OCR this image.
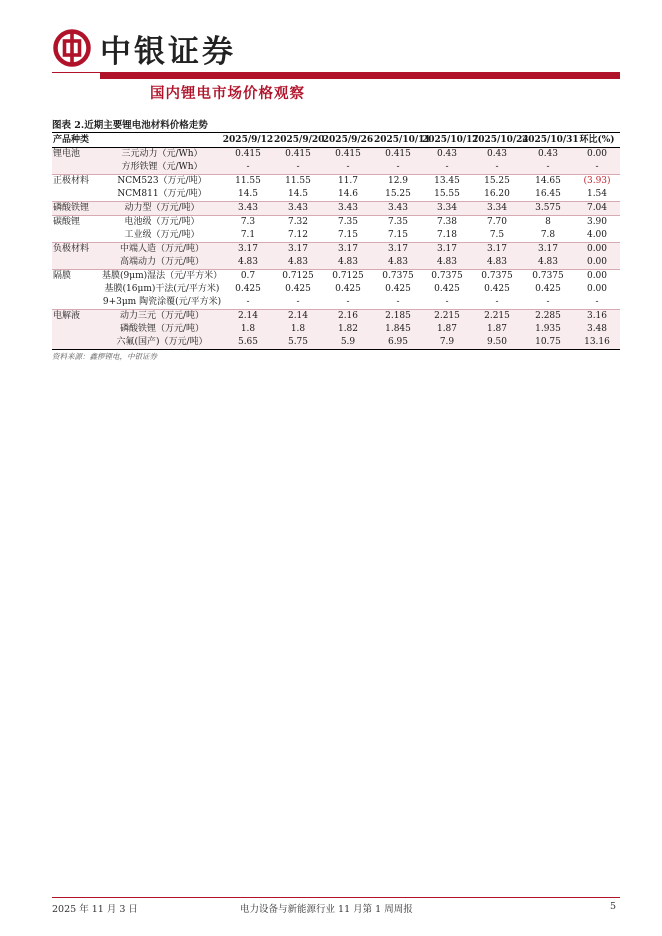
中银证券
国内锂电市场价格观察
图表 2.近期主要锂电池材料价格走势
产品种类		2025/9/12	2025/9/20	2025/9/26	2025/10/11	2025/10/17	2025/10/24	2025/10/31	环比(%)
锂电池	三元动力（元/Wh）	0.415	0.415	0.415	0.415	0.43	0.43	0.43	0.00
	方形铁锂（元/Wh）	-	-	-	-	-	-	-	-
正极材料	NCM523（万元/吨）	11.55	11.55	11.7	12.9	13.45	15.25	14.65	(3.93)
	NCM811（万元/吨）	14.5	14.5	14.6	15.25	15.55	16.20	16.45	1.54
磷酸铁锂	动力型（万元/吨）	3.43	3.43	3.43	3.43	3.34	3.34	3.575	7.04
碳酸锂	电池级（万元/吨）	7.3	7.32	7.35	7.35	7.38	7.70	8	3.90
	工业级（万元/吨）	7.1	7.12	7.15	7.15	7.18	7.5	7.8	4.00
负极材料	中端人造（万元/吨）	3.17	3.17	3.17	3.17	3.17	3.17	3.17	0.00
	高端动力（万元/吨）	4.83	4.83	4.83	4.83	4.83	4.83	4.83	0.00
隔膜	基膜(9μm)湿法（元/平方米）	0.7	0.7125	0.7125	0.7375	0.7375	0.7375	0.7375	0.00
	基膜(16μm)干法(元/平方米)	0.425	0.425	0.425	0.425	0.425	0.425	0.425	0.00
	9+3μm 陶瓷涂覆(元/平方米)	-	-	-	-	-	-	-	-
电解液	动力三元（万元/吨）	2.14	2.14	2.16	2.185	2.215	2.215	2.285	3.16
	磷酸铁锂（万元/吨）	1.8	1.8	1.82	1.845	1.87	1.87	1.935	3.48
	六氟(国产)（万元/吨）	5.65	5.75	5.9	6.95	7.9	9.50	10.75	13.16
资料来源：鑫椤锂电，中银证券
2025 年 11 月 3 日	电力设备与新能源行业 11 月第 1 周周报	5
